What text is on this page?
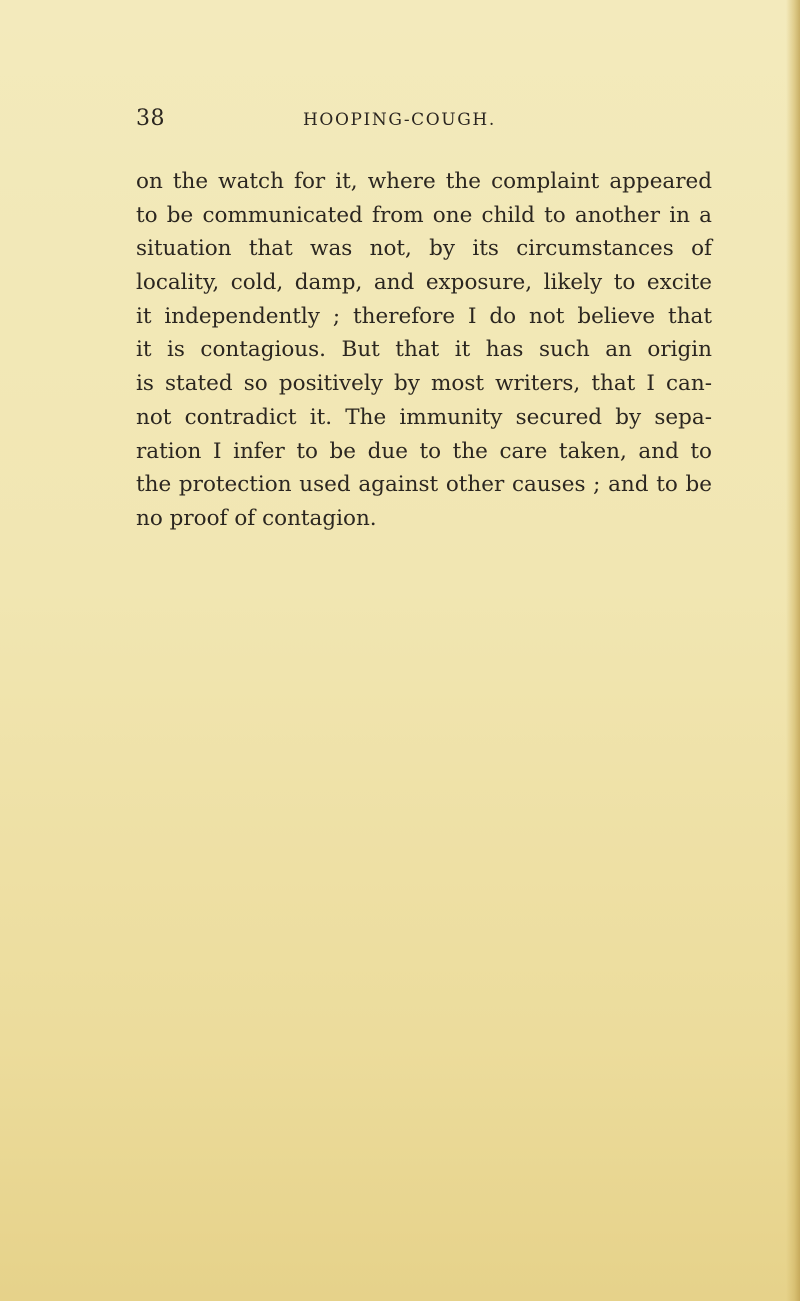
38	HOOPING-COUGH.
on the watch for it, where the complaint appeared
to be communicated from one child to another in a
situation that was not, by its circumstances of
locality, cold, damp, and exposure, likely to excite
it independently ; therefore I do not believe that
it is contagious. But that it has such an origin
is stated so positively by most writers, that I can-
not contradict it. The immunity secured by sepa-
ration I infer to be due to the care taken, and to
the protection used against other causes ; and to be
no proof of contagion.
